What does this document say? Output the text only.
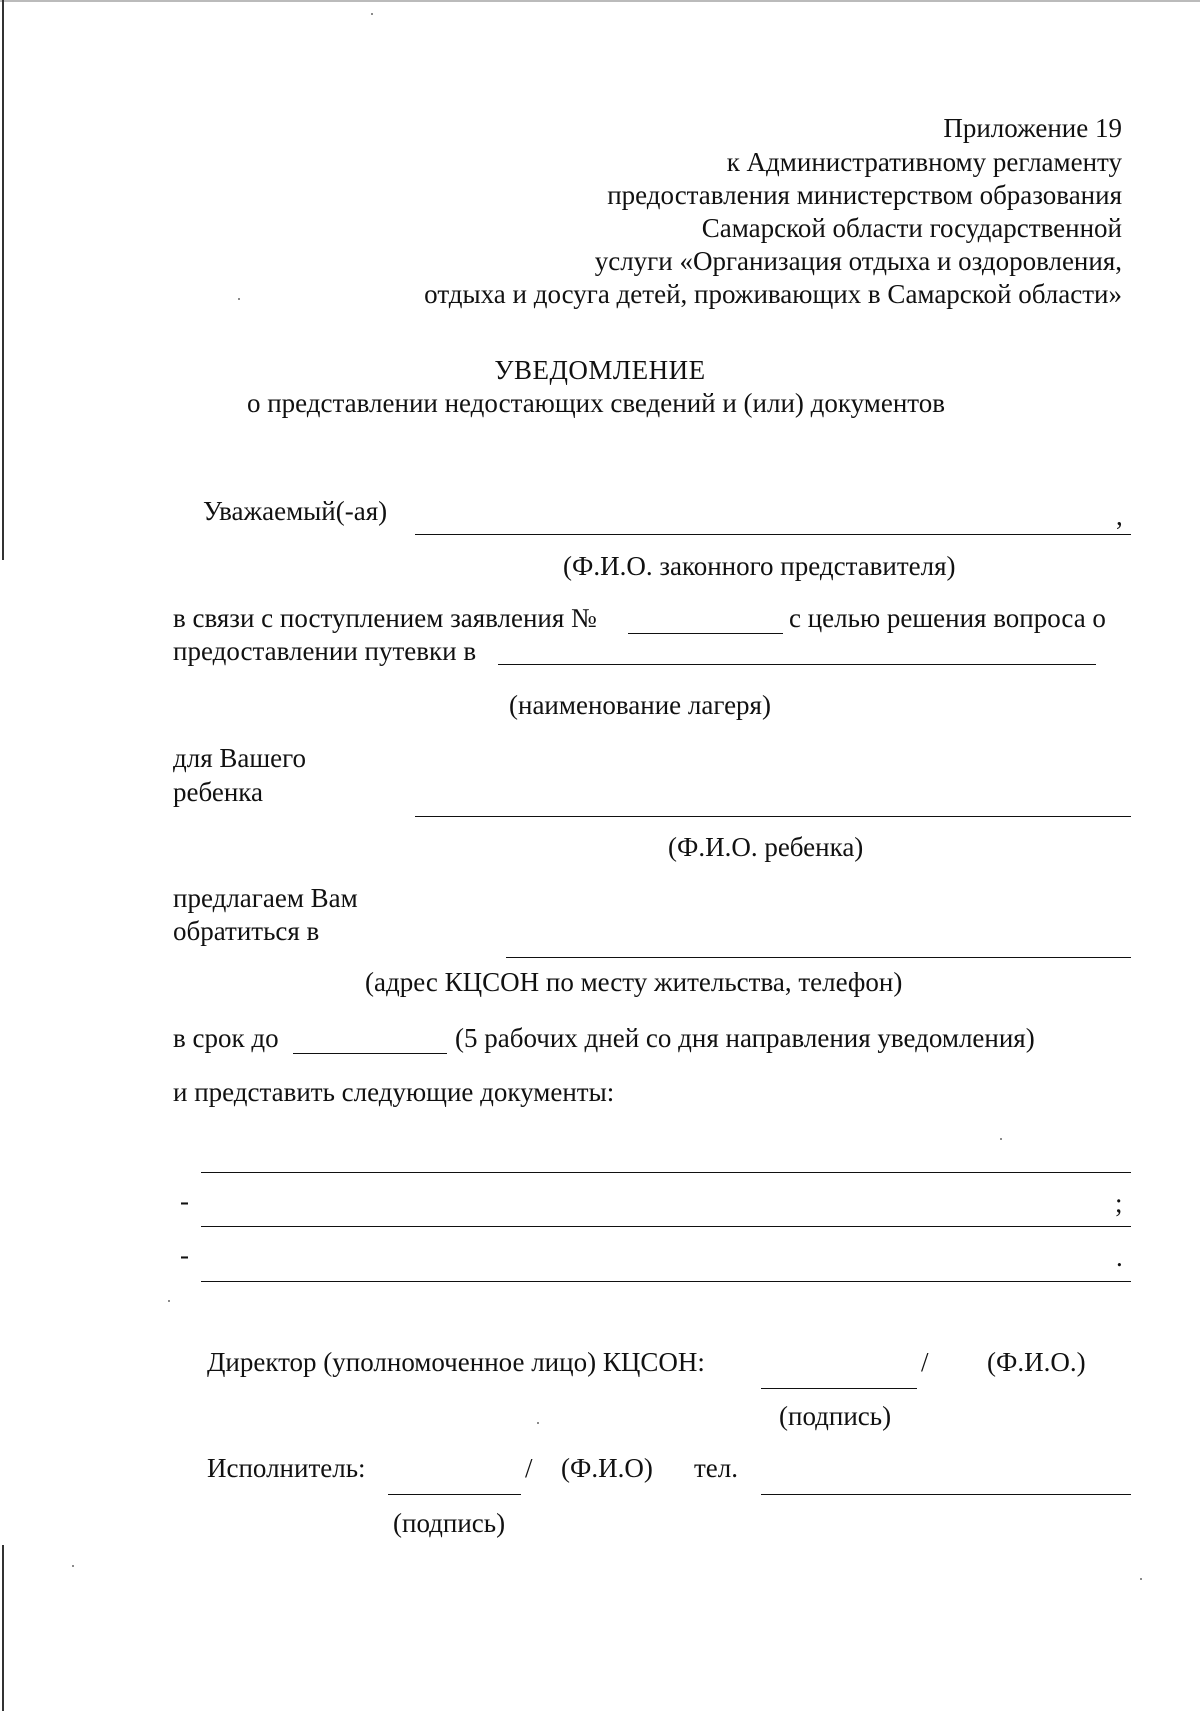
Приложение 19
к Административному регламенту
предоставления министерством образования
Самарской области государственной
услуги «Организация отдыха и оздоровления,
отдыха и досуга детей, проживающих в Самарской области»
УВЕДОМЛЕНИЕ
о представлении недостающих сведений и (или) документов
Уважаемый(-ая)	,
(Ф.И.О. законного представителя)
в связи с поступлением заявления №	с целью решения вопроса о
предоставлении путевки в
(наименование лагеря)
для Вашего
ребенка
(Ф.И.О. ребенка)
предлагаем Вам
обратиться в
(адрес КЦСОН по месту жительства, телефон)
в срок до	(5 рабочих дней со дня направления уведомления)
и представить следующие документы:
-	;
-	.
Директор (уполномоченное лицо) КЦСОН:	/ (Ф.И.О.)
(подпись)
Исполнитель:	/ (Ф.И.О) тел.
(подпись)
